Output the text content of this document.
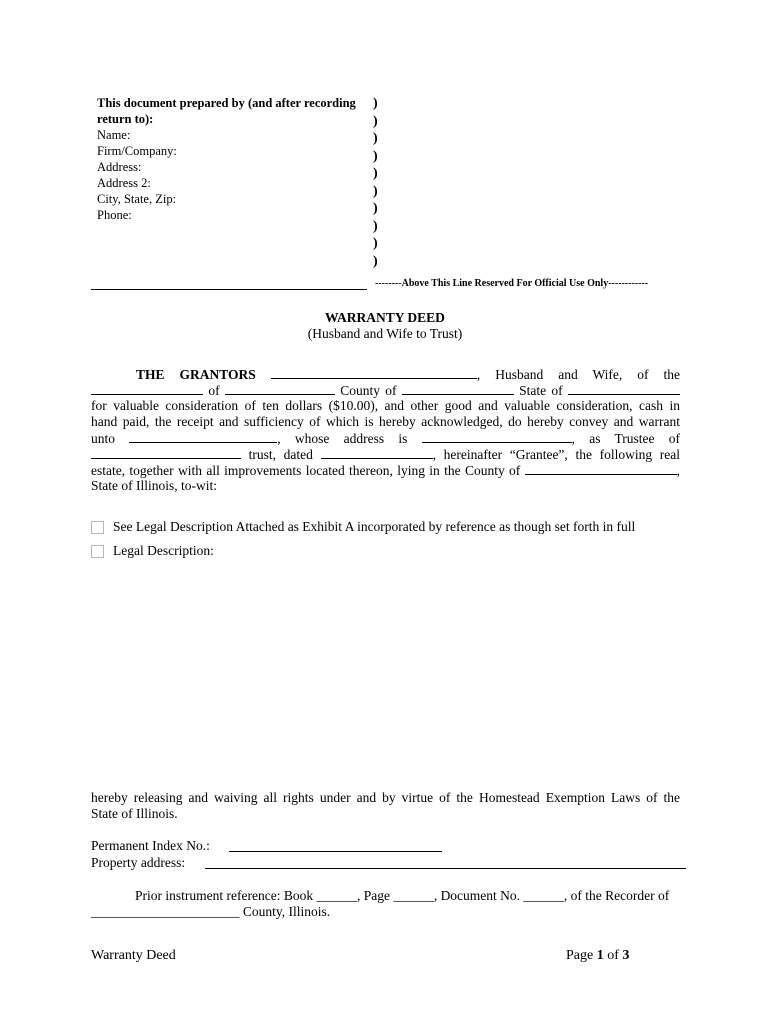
This document prepared by (and after recording
return to):
Name:
Firm/Company:
Address:
Address 2:
City, State, Zip:
Phone:
)
)
)
)
)
)
)
)
)
)
--------Above This Line Reserved For Official Use Only------------
WARRANTY DEED
(Husband and Wife to Trust)
THE GRANTORS	, Husband and Wife, of the
of	County of	State of
for valuable consideration of ten dollars ($10.00), and other good and valuable consideration, cash in
hand paid, the receipt and sufficiency of which is hereby acknowledged, do hereby convey and warrant
unto	, whose address is	, as Trustee of
trust, dated	, hereinafter “Grantee”, the following real
estate, together with all improvements located thereon, lying in the County of	,
State of Illinois, to-wit:
See Legal Description Attached as Exhibit A incorporated by reference as though set forth in full
Legal Description:
hereby releasing and waiving all rights under and by virtue of the Homestead Exemption Laws of the
State of Illinois.
Permanent Index No.:
Property address:
Prior instrument reference: Book ______, Page ______, Document No. ______, of the Recorder of
______________________ County, Illinois.
Warranty Deed	Page 1 of 3
